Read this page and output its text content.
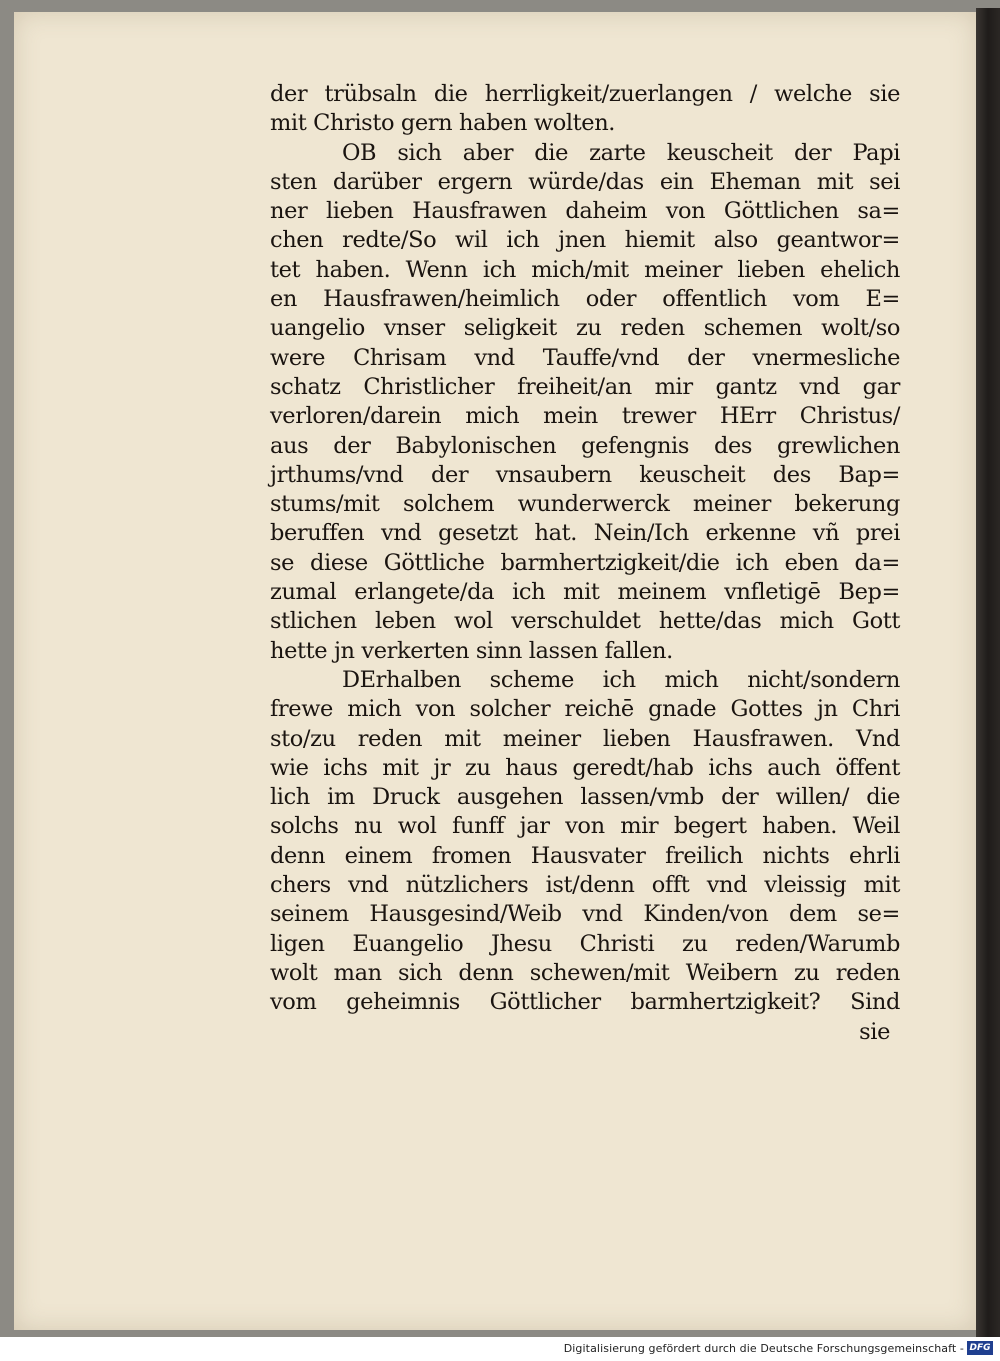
der trübsaln die herrligkeit/zuerlangen / welche sie
mit Christo gern haben wolten.
OB sich aber die zarte keuscheit der Papi
sten darüber ergern würde/das ein Eheman mit sei
ner lieben Hausfrawen daheim von Göttlichen sa=
chen redte/So wil ich jnen hiemit also geantwor=
tet haben. Wenn ich mich/mit meiner lieben ehelich
en Hausfrawen/heimlich oder offentlich vom E=
uangelio vnser seligkeit zu reden schemen wolt/so
were Chrisam vnd Tauffe/vnd der vnermesliche
schatz Christlicher freiheit/an mir gantz vnd gar
verloren/darein mich mein trewer HErr Christus/
aus der Babylonischen gefengnis des grewlichen
jrthums/vnd der vnsaubern keuscheit des Bap=
stums/mit solchem wunderwerck meiner bekerung
beruffen vnd gesetzt hat. Nein/Ich erkenne vñ prei
se diese Göttliche barmhertzigkeit/die ich eben da=
zumal erlangete/da ich mit meinem vnfletigē Bep=
stlichen leben wol verschuldet hette/das mich Gott
hette jn verkerten sinn lassen fallen.
DErhalben scheme ich mich nicht/sondern
frewe mich von solcher reichē gnade Gottes jn Chri
sto/zu reden mit meiner lieben Hausfrawen. Vnd
wie ichs mit jr zu haus geredt/hab ichs auch öffent
lich im Druck ausgehen lassen/vmb der willen/ die
solchs nu wol funff jar von mir begert haben. Weil
denn einem fromen Hausvater freilich nichts ehrli
chers vnd nützlichers ist/denn offt vnd vleissig mit
seinem Hausgesind/Weib vnd Kinden/von dem se=
ligen Euangelio Jhesu Christi zu reden/Warumb
wolt man sich denn schewen/mit Weibern zu reden
vom geheimnis Göttlicher barmhertzigkeit? Sind
sie
Digitalisierung gefördert durch die Deutsche Forschungsgemeinschaft - DFG
